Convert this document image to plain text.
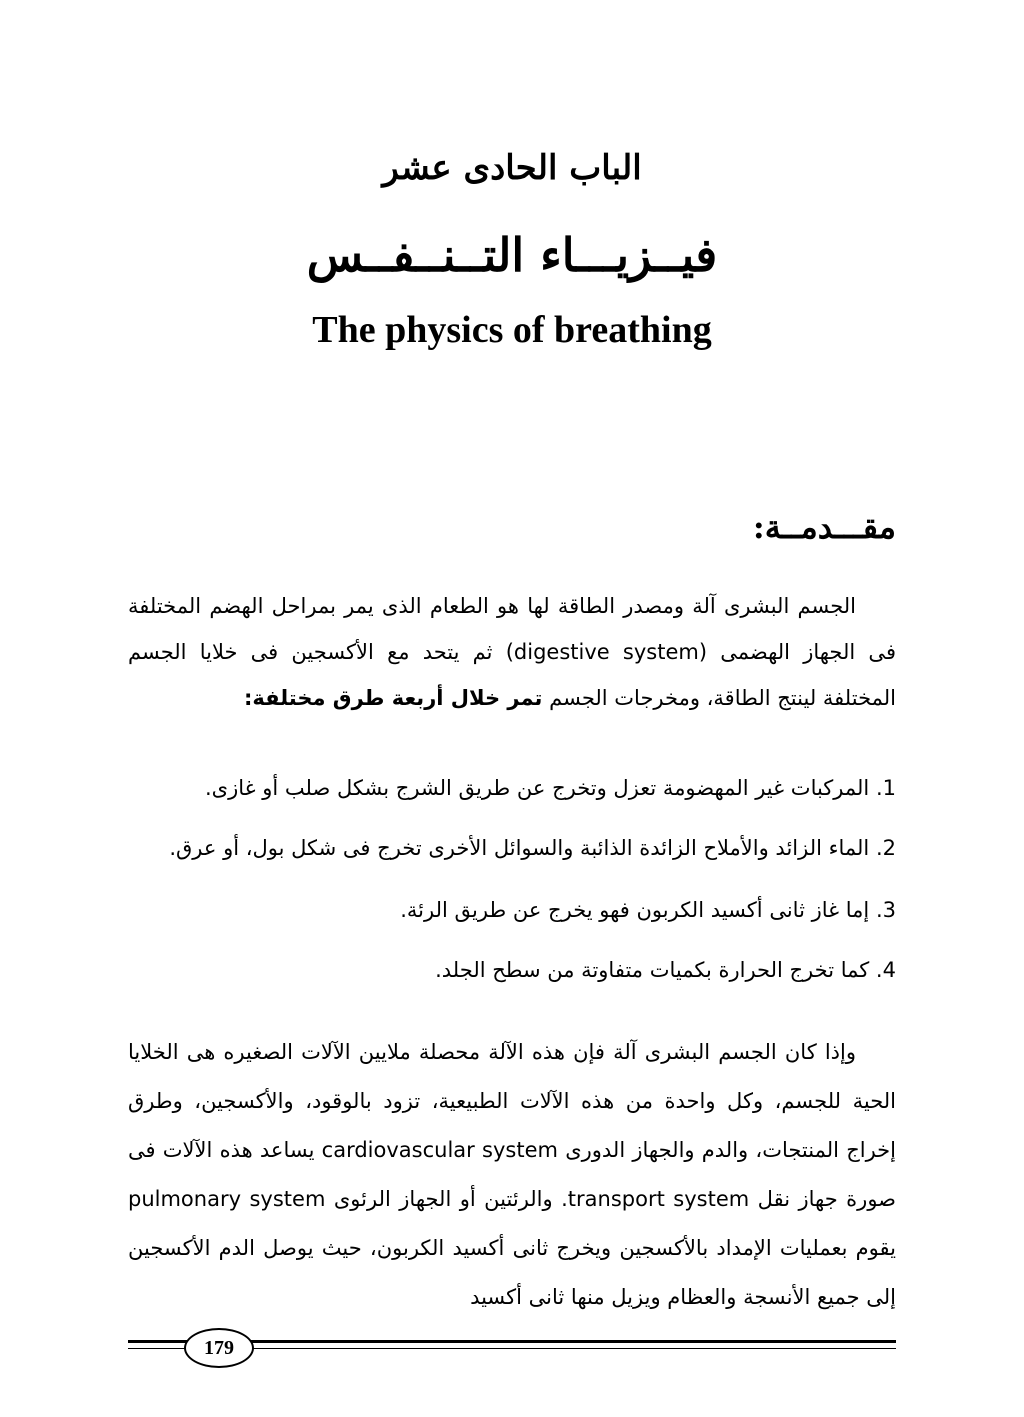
الباب الحادى عشر
فيــزيـــاء التــنــفــس
The physics of breathing
مقـــدمــة:

الجسم البشرى آلة ومصدر الطاقة لها هو الطعام الذى يمر بمراحل الهضم المختلفة فى الجهاز الهضمى (digestive system) ثم يتحد مع الأكسجين فى خلايا الجسم المختلفة لينتج الطاقة، ومخرجات الجسم تمر خلال أربعة طرق مختلفة:

1. المركبات غير المهضومة تعزل وتخرج عن طريق الشرج بشكل صلب أو غازى.
2. الماء الزائد والأملاح الزائدة الذائبة والسوائل الأخرى تخرج فى شكل بول، أو عرق.
3. إما غاز ثانى أكسيد الكربون فهو يخرج عن طريق الرئة.
4. كما تخرج الحرارة بكميات متفاوتة من سطح الجلد.

وإذا كان الجسم البشرى آلة فإن هذه الآلة محصلة ملايين الآلات الصغيره هى الخلايا الحية للجسم، وكل واحدة من هذه الآلات الطبيعية، تزود بالوقود، والأكسجين، وطرق إخراج المنتجات، والدم والجهاز الدورى cardiovascular system يساعد هذه الآلات فى صورة جهاز نقل transport system. والرئتين أو الجهاز الرئوى pulmonary system يقوم بعمليات الإمداد بالأكسجين ويخرج ثانى أكسيد الكربون، حيث يوصل الدم الأكسجين إلى جميع الأنسجة والعظام ويزيل منها ثانى أكسيد

179
